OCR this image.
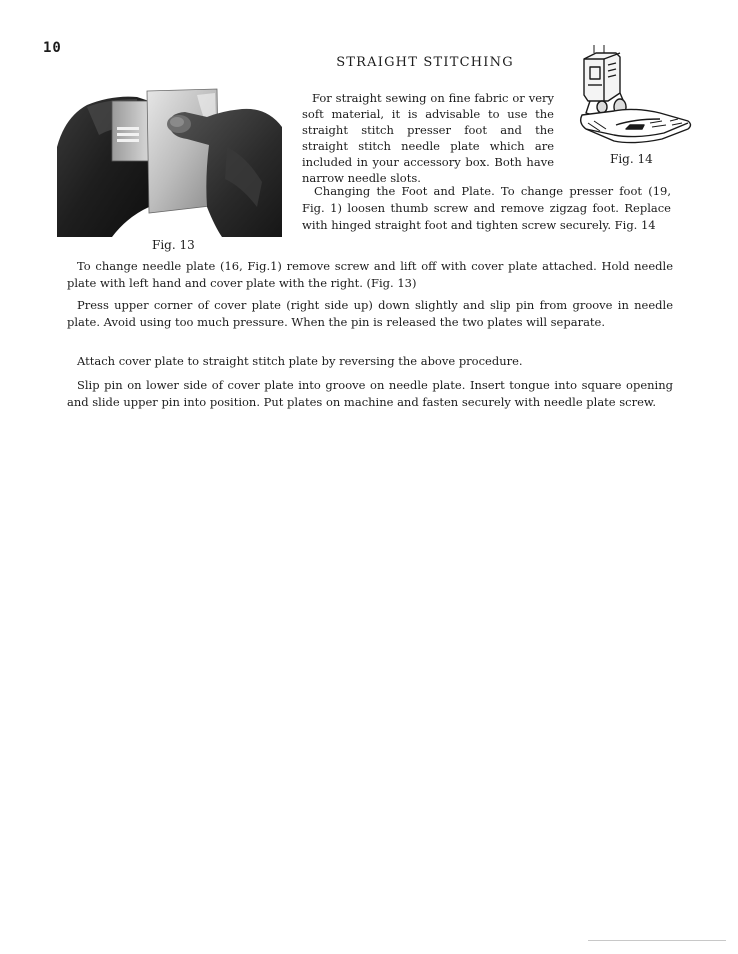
10
STRAIGHT STITCHING
Fig. 13
Fig. 14

For straight sewing on fine fabric or very soft material, it is advisable to use the straight stitch presser foot and the straight stitch needle plate which are included in your accessory box. Both have narrow needle slots.

Changing the Foot and Plate. To change presser foot (19, Fig. 1) loosen thumb screw and remove zigzag foot. Replace with hinged straight foot and tighten screw securely. Fig. 14

To change needle plate (16, Fig.1) remove screw and lift off with cover plate attached. Hold needle plate with left hand and cover plate with the right. (Fig. 13)

Press upper corner of cover plate (right side up) down slightly and slip pin from groove in needle plate. Avoid using too much pressure. When the pin is released the two plates will separate.

Attach cover plate to straight stitch plate by reversing the above procedure.

Slip pin on lower side of cover plate into groove on needle plate. Insert tongue into square opening and slide upper pin into position. Put plates on machine and fasten securely with needle plate screw.
